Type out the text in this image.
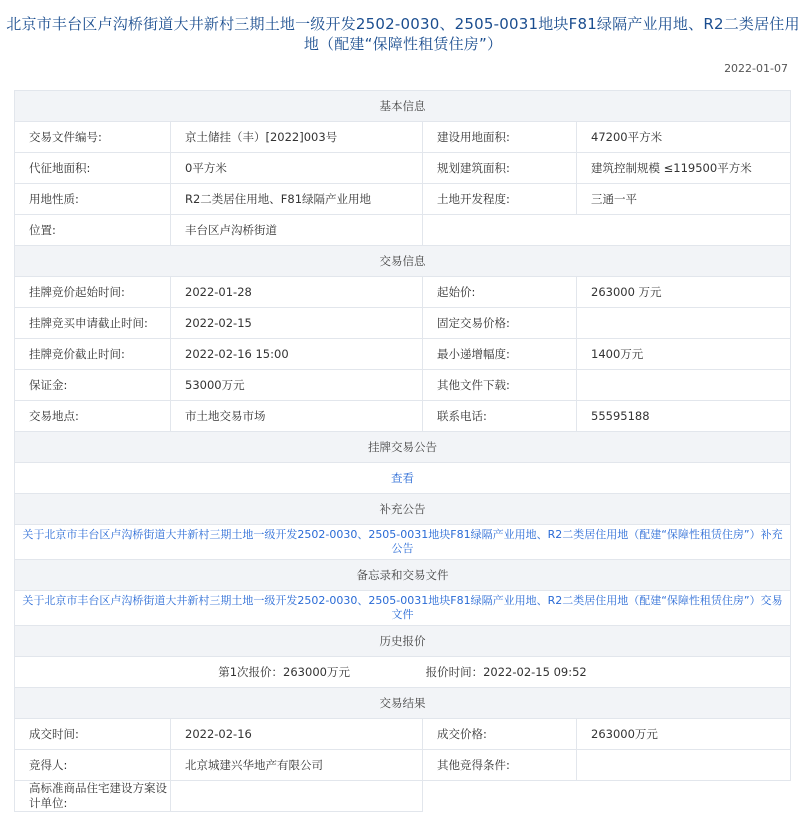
北京市丰台区卢沟桥街道大井新村三期土地一级开发2502-0030、2505-0031地块F81绿隔产业用地、R2二类居住用地（配建“保障性租赁住房”）
2022-01-07
基本信息			
交易文件编号:	京土储挂（丰）[2022]003号	建设用地面积:	47200平方米
代征地面积:	0平方米	规划建筑面积:	建筑控制规模 ≤119500平方米
用地性质:	R2二类居住用地、F81绿隔产业用地	土地开发程度:	三通一平
位置:	丰台区卢沟桥街道		
交易信息			
挂牌竞价起始时间:	2022-01-28	起始价:	263000 万元
挂牌竞买申请截止时间:	2022-02-15	固定交易价格:	
挂牌竞价截止时间:	2022-02-16 15:00	最小递增幅度:	1400万元
保证金:	53000万元	其他文件下载:	
交易地点:	市土地交易市场	联系电话:	55595188
挂牌交易公告			
查看			
补充公告			
关于北京市丰台区卢沟桥街道大井新村三期土地一级开发2502-0030、2505-0031地块F81绿隔产业用地、R2二类居住用地（配建“保障性租赁住房”）补充公告			
备忘录和交易文件			
关于北京市丰台区卢沟桥街道大井新村三期土地一级开发2502-0030、2505-0031地块F81绿隔产业用地、R2二类居住用地（配建“保障性租赁住房”）交易文件			
历史报价			
第1次报价：263000万元 报价时间：2022-02-15 09:52			
交易结果			
成交时间:	2022-02-16	成交价格:	263000万元
竞得人:	北京城建兴华地产有限公司	其他竞得条件:	
高标准商品住宅建设方案设计单位:			
